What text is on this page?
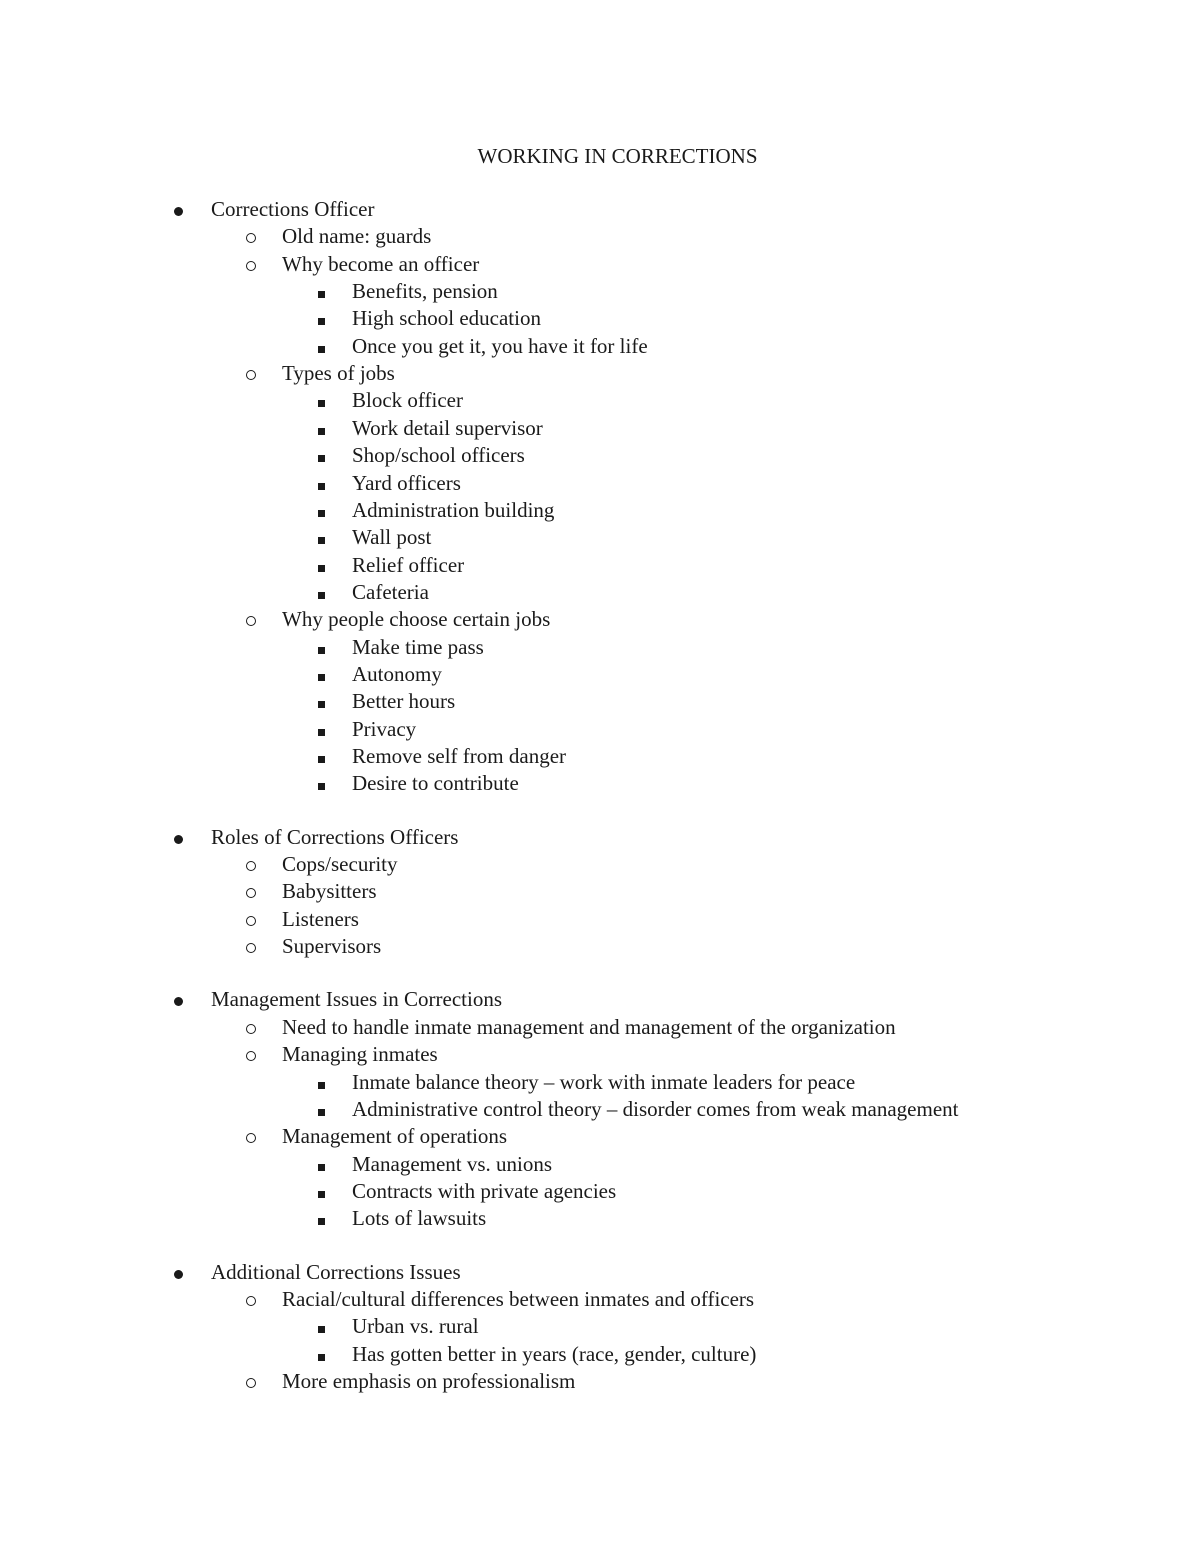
WORKING IN CORRECTIONS
Corrections Officer
Old name: guards
Why become an officer
Benefits, pension
High school education
Once you get it, you have it for life
Types of jobs
Block officer
Work detail supervisor
Shop/school officers
Yard officers
Administration building
Wall post
Relief officer
Cafeteria
Why people choose certain jobs
Make time pass
Autonomy
Better hours
Privacy
Remove self from danger
Desire to contribute
Roles of Corrections Officers
Cops/security
Babysitters
Listeners
Supervisors
Management Issues in Corrections
Need to handle inmate management and management of the organization
Managing inmates
Inmate balance theory – work with inmate leaders for peace
Administrative control theory – disorder comes from weak management
Management of operations
Management vs. unions
Contracts with private agencies
Lots of lawsuits
Additional Corrections Issues
Racial/cultural differences between inmates and officers
Urban vs. rural
Has gotten better in years (race, gender, culture)
More emphasis on professionalism
